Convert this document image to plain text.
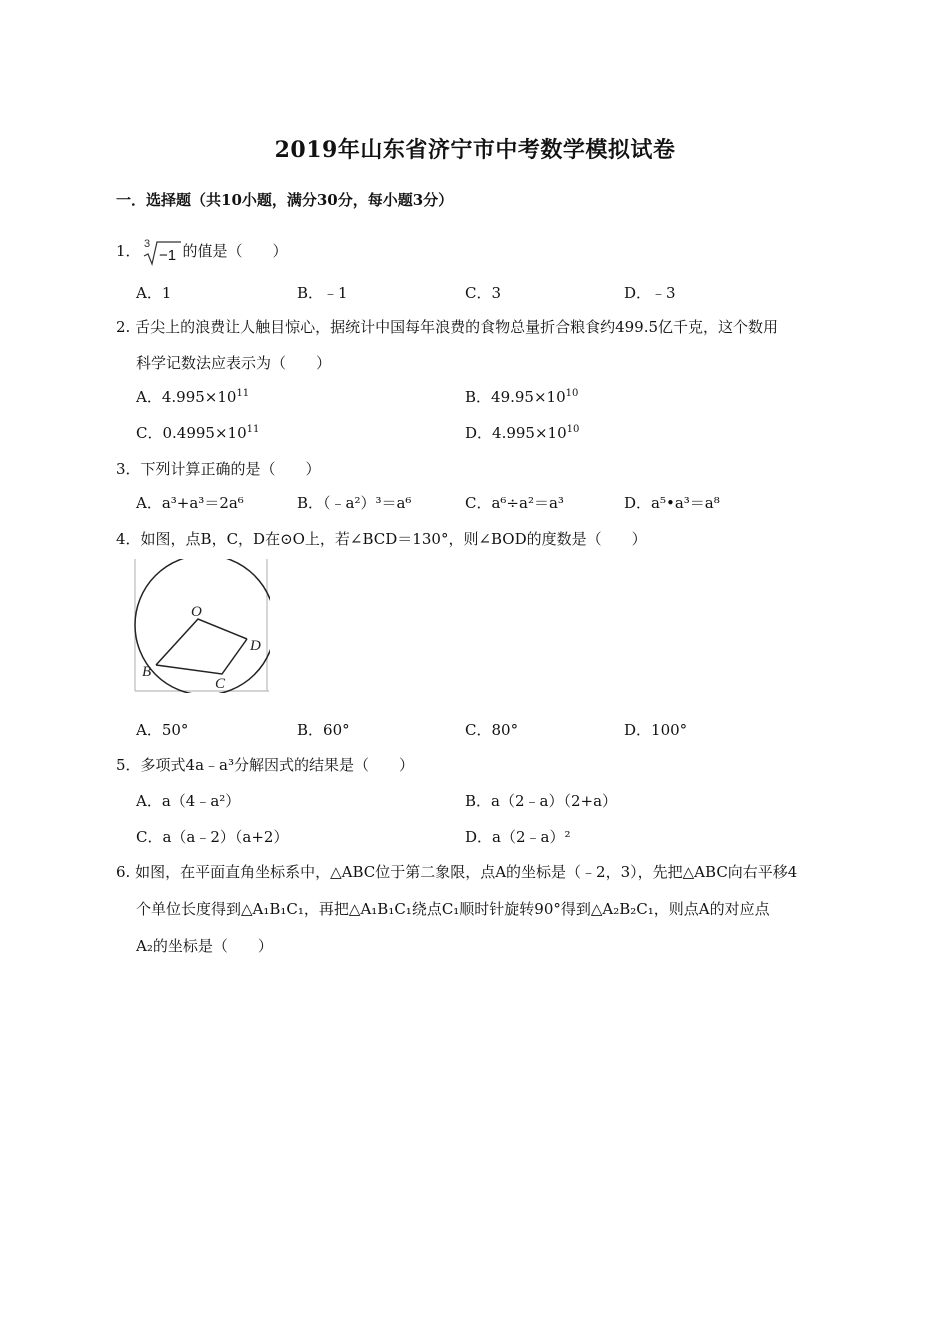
2019年山东省济宁市中考数学模拟试卷
一．选择题（共10小题，满分30分，每小题3分）
1． 3
−1 的值是（　　）
A．1	B．﹣1	C．3	D．﹣3
2. 舌尖上的浪费让人触目惊心，据统计中国每年浪费的食物总量折合粮食约499.5亿千克，这个数用
科学记数法应表示为（　　）
A．$4.995\times 10^{11}$	B．$49.95\times 10^{10}$
C．$0.4995\times 10^{11}$	D．$4.995\times 10^{10}$
3．下列计算正确的是（　　）
A．a³+a³＝2a⁶	B．（﹣a²）³＝a⁶	C．a⁶÷a²＝a³	D．a⁵•a³＝a⁸
4．如图，点B，C，D在⊙O上，若∠BCD＝130°，则∠BOD的度数是（　　）
O
B
C
D
A．50°	B．60°	C．80°	D．100°
5．多项式4a﹣a³分解因式的结果是（　　）
A．a（4﹣a²）	B．a（2﹣a）（2+a）
C．a（a﹣2）（a+2）	D．a（2﹣a）²
6. 如图，在平面直角坐标系中，△ABC位于第二象限，点A的坐标是（﹣2，3），先把△ABC向右平移4
个单位长度得到△A₁B₁C₁，再把△A₁B₁C₁绕点C₁顺时针旋转90°得到△A₂B₂C₁，则点A的对应点
A₂的坐标是（　　）
